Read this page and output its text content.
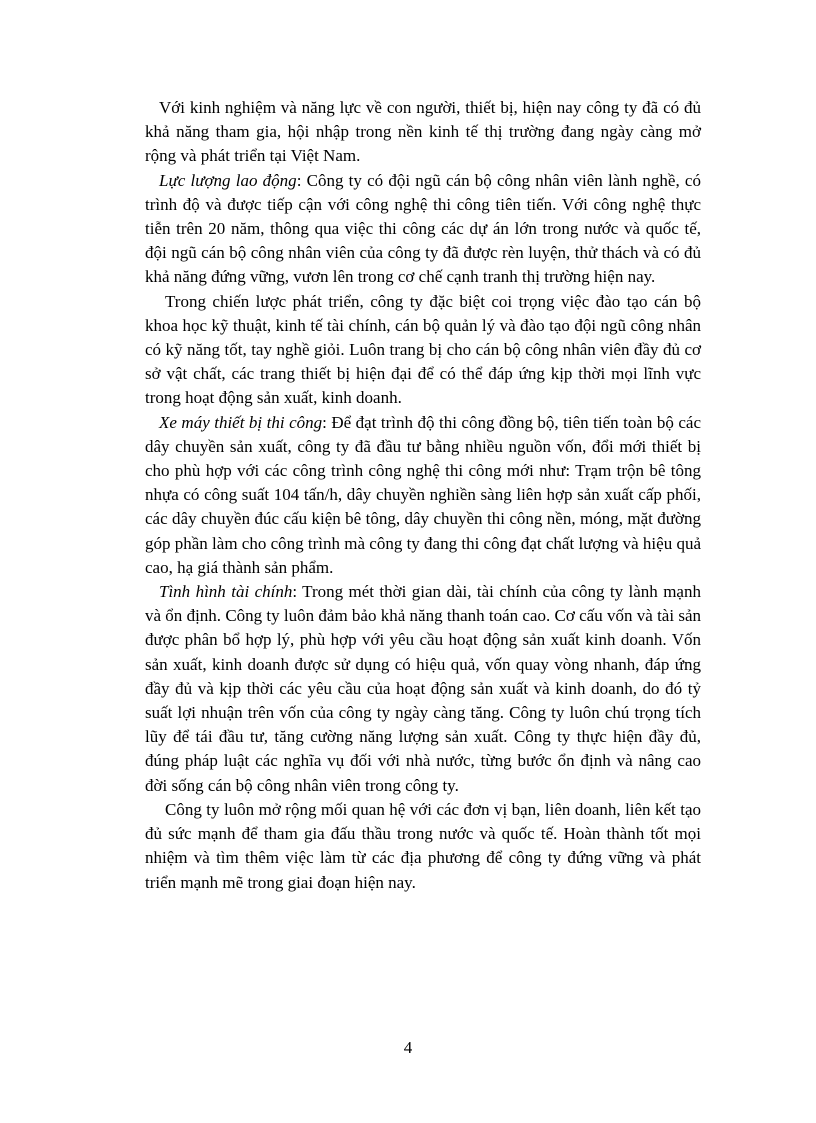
Với kinh nghiệm và năng lực về con người, thiết bị, hiện nay công ty đã có đủ khả năng tham gia, hội nhập trong nền kinh tế thị trường đang ngày càng mở rộng và phát triển tại Việt Nam.

Lực lượng lao động: Công ty có đội ngũ cán bộ công nhân viên lành nghề, có trình độ và được tiếp cận với công nghệ thi công tiên tiến. Với công nghệ thực tiễn trên 20 năm, thông qua việc thi công các dự án lớn trong nước và quốc tế, đội ngũ cán bộ công nhân viên của công ty đã được rèn luyện, thử thách và có đủ khả năng đứng vững, vươn lên trong cơ chế cạnh tranh thị trường hiện nay.

Trong chiến lược phát triển, công ty đặc biệt coi trọng việc đào tạo cán bộ khoa học kỹ thuật, kinh tế tài chính, cán bộ quản lý và đào tạo đội ngũ công nhân có kỹ năng tốt, tay nghề giỏi. Luôn trang bị cho cán bộ công nhân viên đầy đủ cơ sở vật chất, các trang thiết bị hiện đại để có thể đáp ứng kịp thời mọi lĩnh vực trong hoạt động sản xuất, kinh doanh.

Xe máy thiết bị thi công: Để đạt trình độ thi công đồng bộ, tiên tiến toàn bộ các dây chuyền sản xuất, công ty đã đầu tư bằng nhiều nguồn vốn, đổi mới thiết bị cho phù hợp với các công trình công nghệ thi công mới như: Trạm trộn bê tông nhựa có công suất 104 tấn/h, dây chuyền nghiền sàng liên hợp sản xuất cấp phối, các dây chuyền đúc cấu kiện bê tông, dây chuyền thi công nền, móng, mặt đường góp phần làm cho công trình mà công ty đang thi công đạt chất lượng và hiệu quả cao, hạ giá thành sản phẩm.

Tình hình tài chính: Trong mét thời gian dài, tài chính của công ty lành mạnh và ổn định. Công ty luôn đảm bảo khả năng thanh toán cao. Cơ cấu vốn và tài sản được phân bổ hợp lý, phù hợp với yêu cầu hoạt động sản xuất kinh doanh. Vốn sản xuất, kinh doanh được sử dụng có hiệu quả, vốn quay vòng nhanh, đáp ứng đầy đủ và kịp thời các yêu cầu của hoạt động sản xuất và kinh doanh, do đó tỷ suất lợi nhuận trên vốn của công ty ngày càng tăng. Công ty luôn chú trọng tích lũy để tái đầu tư, tăng cường năng lượng sản xuất. Công ty thực hiện đầy đủ, đúng pháp luật các nghĩa vụ đối với nhà nước, từng bước ổn định và nâng cao đời sống cán bộ công nhân viên trong công ty.

Công ty luôn mở rộng mối quan hệ với các đơn vị bạn, liên doanh, liên kết tạo đủ sức mạnh để tham gia đấu thầu trong nước và quốc tế. Hoàn thành tốt mọi nhiệm và tìm thêm việc làm từ các địa phương để công ty đứng vững và phát triển mạnh mẽ trong giai đoạn hiện nay.

4
